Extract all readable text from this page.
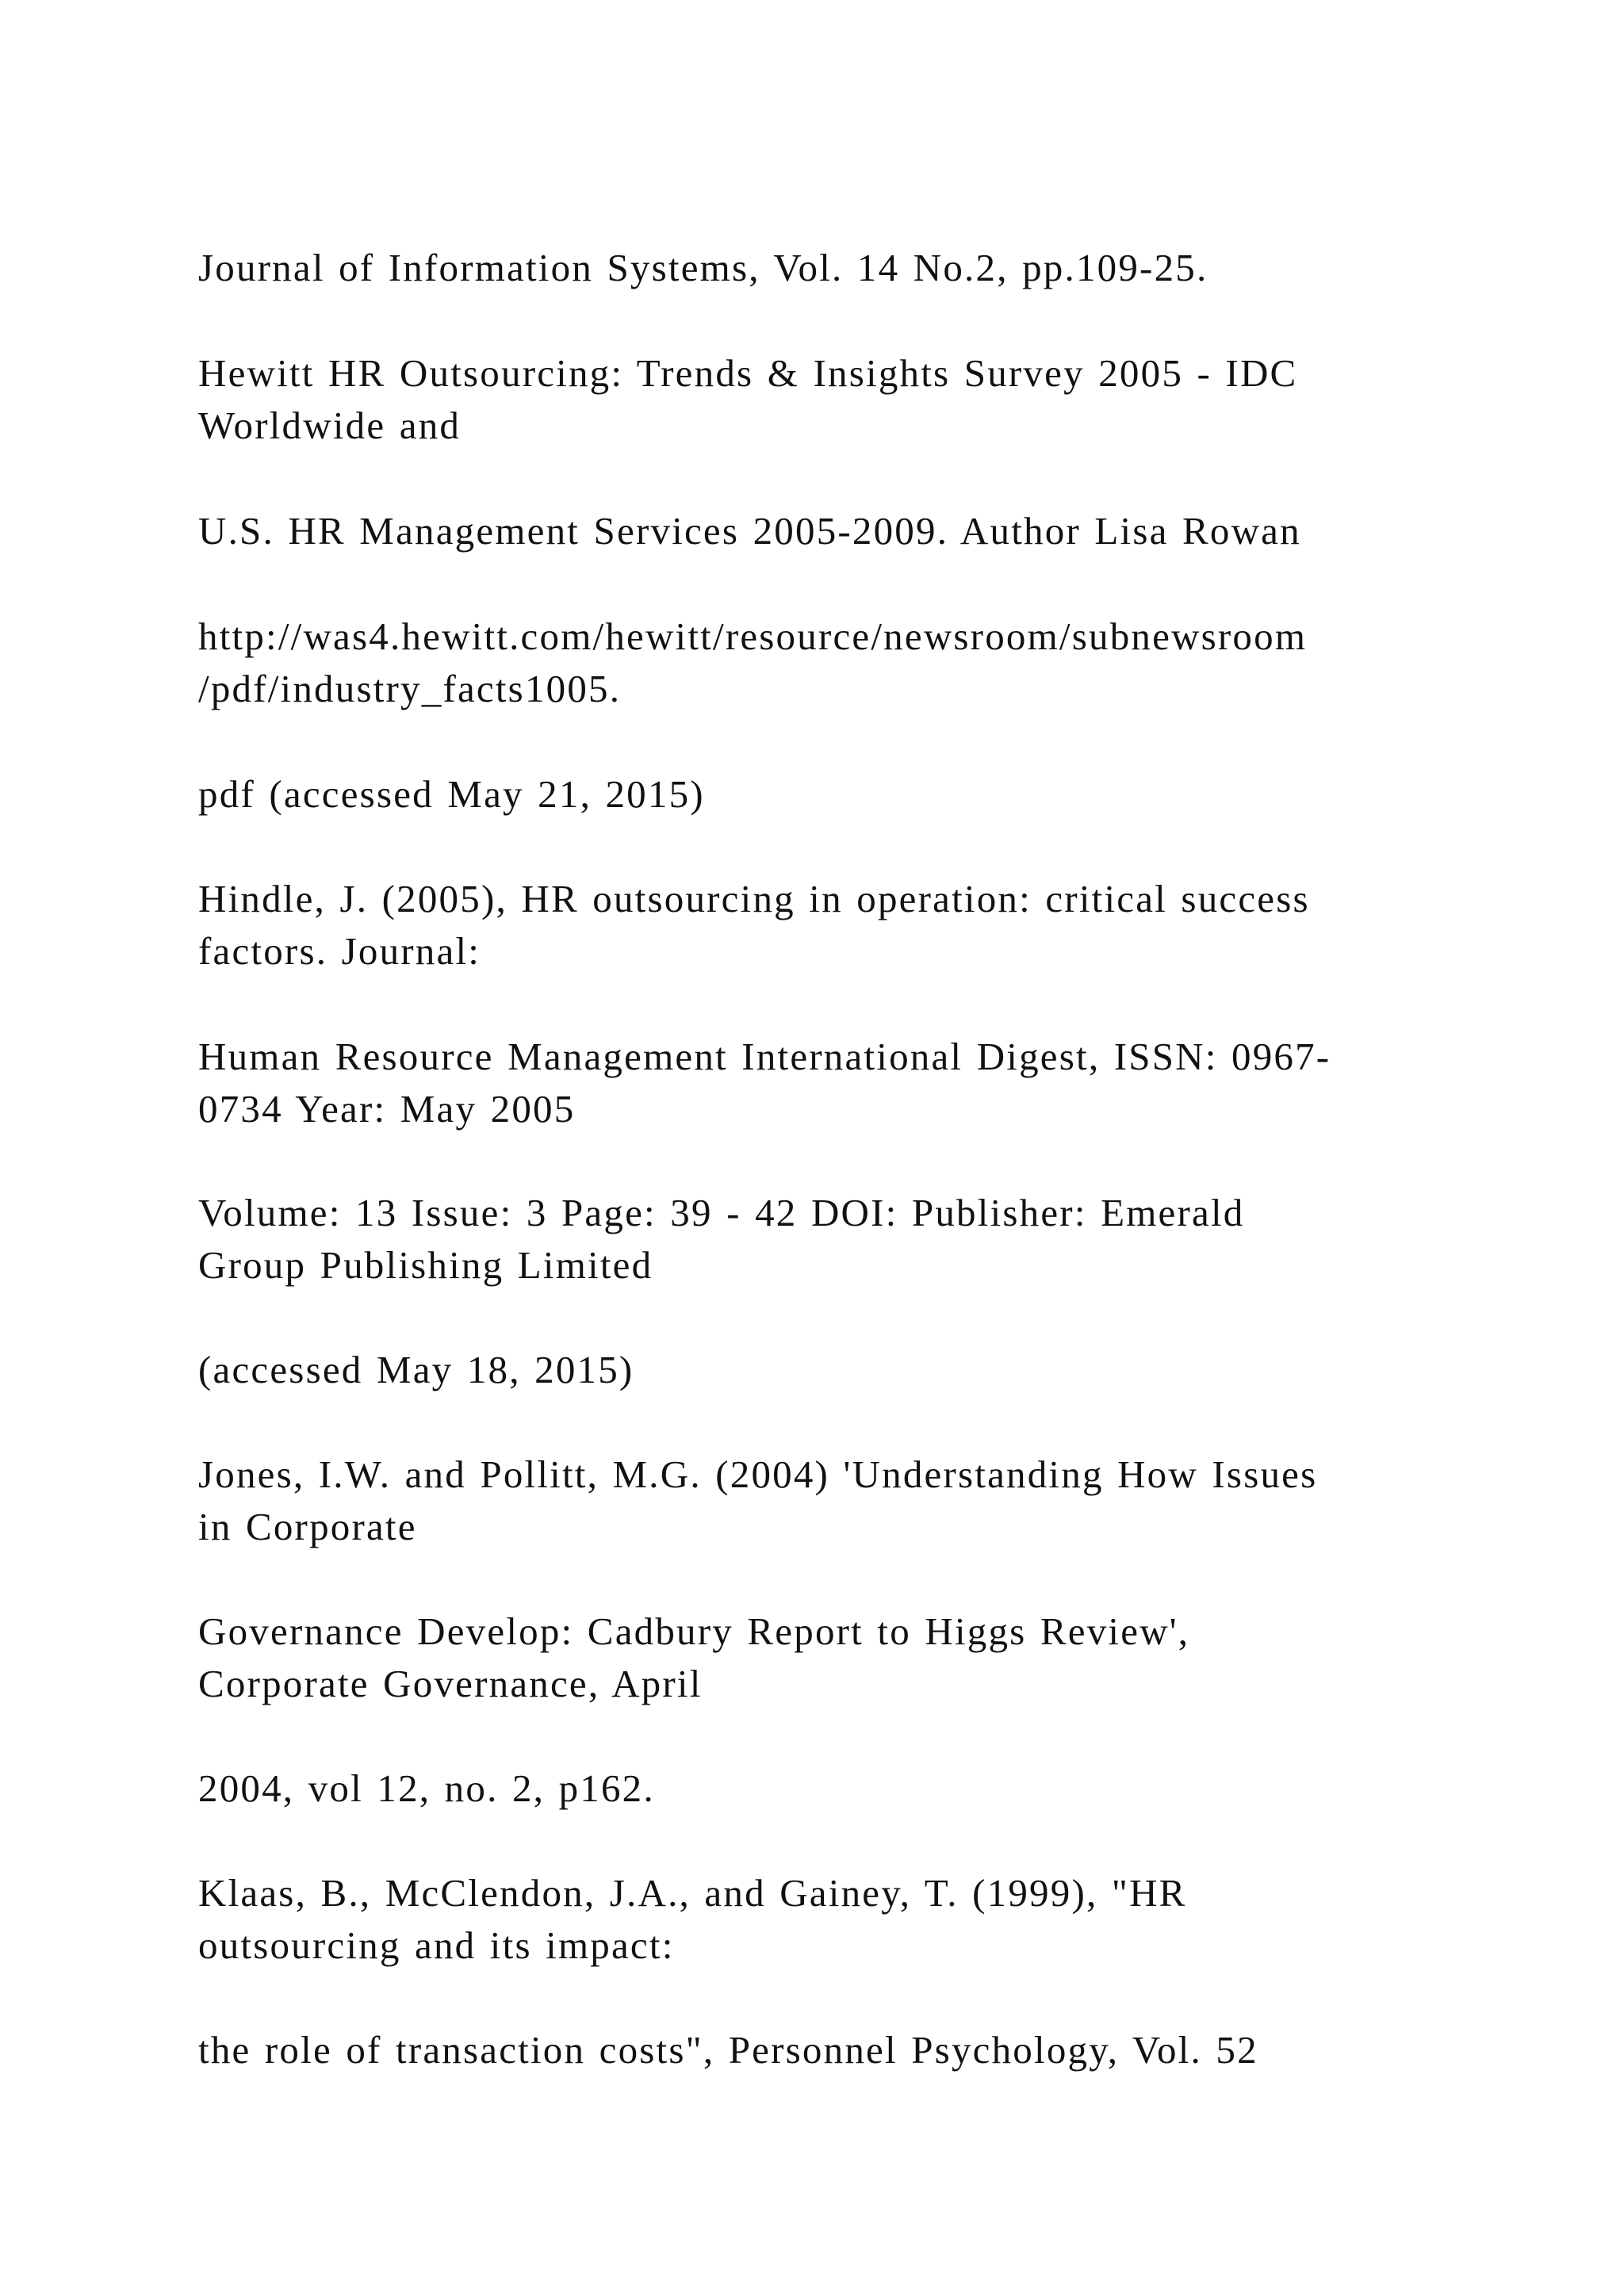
Journal of Information Systems, Vol. 14 No.2, pp.109-25.

Hewitt HR Outsourcing: Trends & Insights Survey 2005 - IDC
Worldwide and

U.S. HR Management Services 2005-2009. Author Lisa Rowan

http://was4.hewitt.com/hewitt/resource/newsroom/subnewsroom
/pdf/industry_facts1005.

pdf (accessed May 21, 2015)

Hindle, J. (2005), HR outsourcing in operation: critical success
factors. Journal:

Human Resource Management International Digest, ISSN: 0967-
0734 Year: May 2005

Volume: 13 Issue: 3 Page: 39 - 42 DOI: Publisher: Emerald
Group Publishing Limited

(accessed May 18, 2015)

Jones, I.W. and Pollitt, M.G. (2004) 'Understanding How Issues
in Corporate

Governance Develop: Cadbury Report to Higgs Review',
Corporate Governance, April

2004, vol 12, no. 2, p162.

Klaas, B., McClendon, J.A., and Gainey, T. (1999), "HR
outsourcing and its impact:

the role of transaction costs", Personnel Psychology, Vol. 52
